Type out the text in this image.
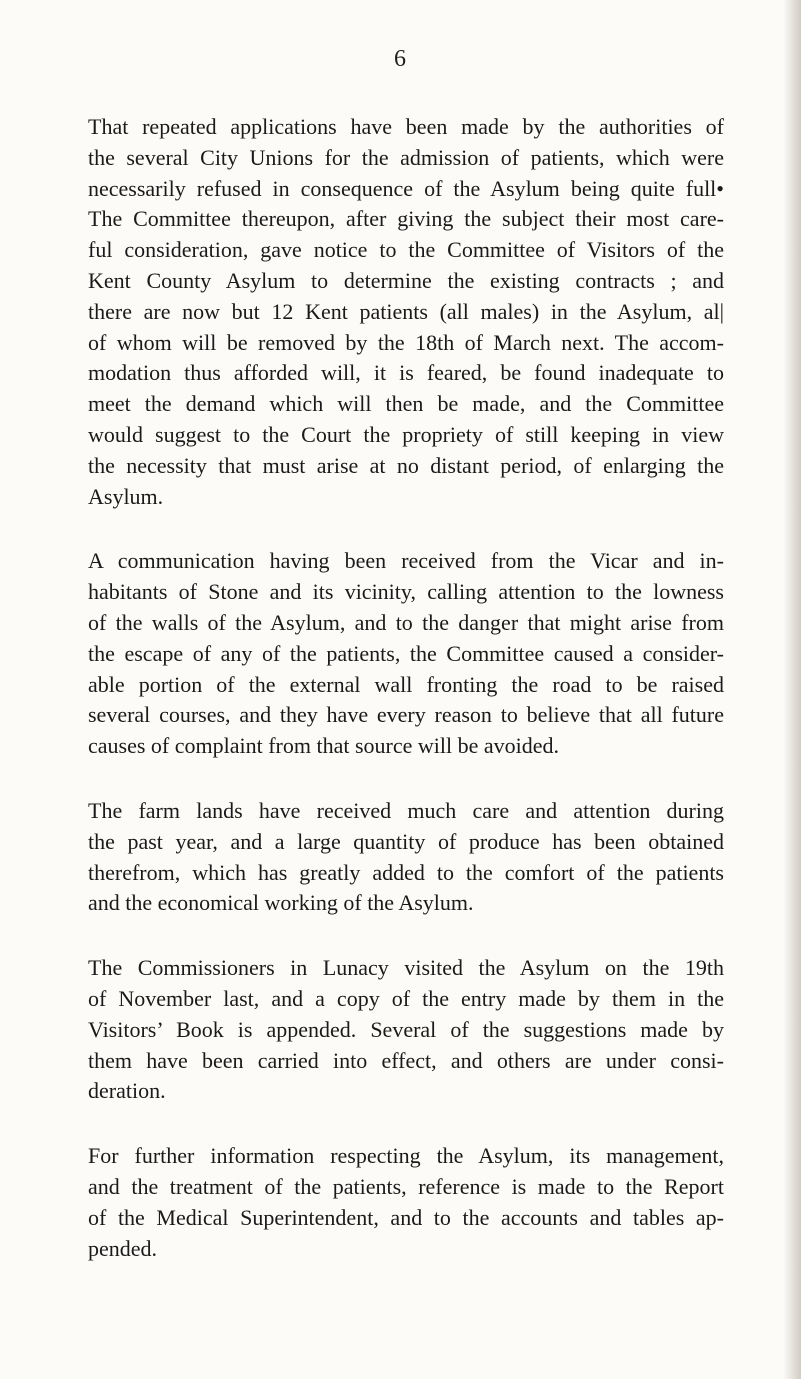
6

That repeated applications have been made by the authorities of
the several City Unions for the admission of patients, which were
necessarily refused in consequence of the Asylum being quite full•
The Committee thereupon, after giving the subject their most care-
ful consideration, gave notice to the Committee of Visitors of the
Kent County Asylum to determine the existing contracts ; and
there are now but 12 Kent patients (all males) in the Asylum, al|
of whom will be removed by the 18th of March next. The accom-
modation thus afforded will, it is feared, be found inadequate to
meet the demand which will then be made, and the Committee
would suggest to the Court the propriety of still keeping in view
the necessity that must arise at no distant period, of enlarging the
Asylum.

A communication having been received from the Vicar and in-
habitants of Stone and its vicinity, calling attention to the lowness
of the walls of the Asylum, and to the danger that might arise from
the escape of any of the patients, the Committee caused a consider-
able portion of the external wall fronting the road to be raised
several courses, and they have every reason to believe that all future
causes of complaint from that source will be avoided.

The farm lands have received much care and attention during
the past year, and a large quantity of produce has been obtained
therefrom, which has greatly added to the comfort of the patients
and the economical working of the Asylum.

The Commissioners in Lunacy visited the Asylum on the 19th
of November last, and a copy of the entry made by them in the
Visitors’ Book is appended. Several of the suggestions made by
them have been carried into effect, and others are under consi-
deration.

For further information respecting the Asylum, its management,
and the treatment of the patients, reference is made to the Report
of the Medical Superintendent, and to the accounts and tables ap-
pended.
